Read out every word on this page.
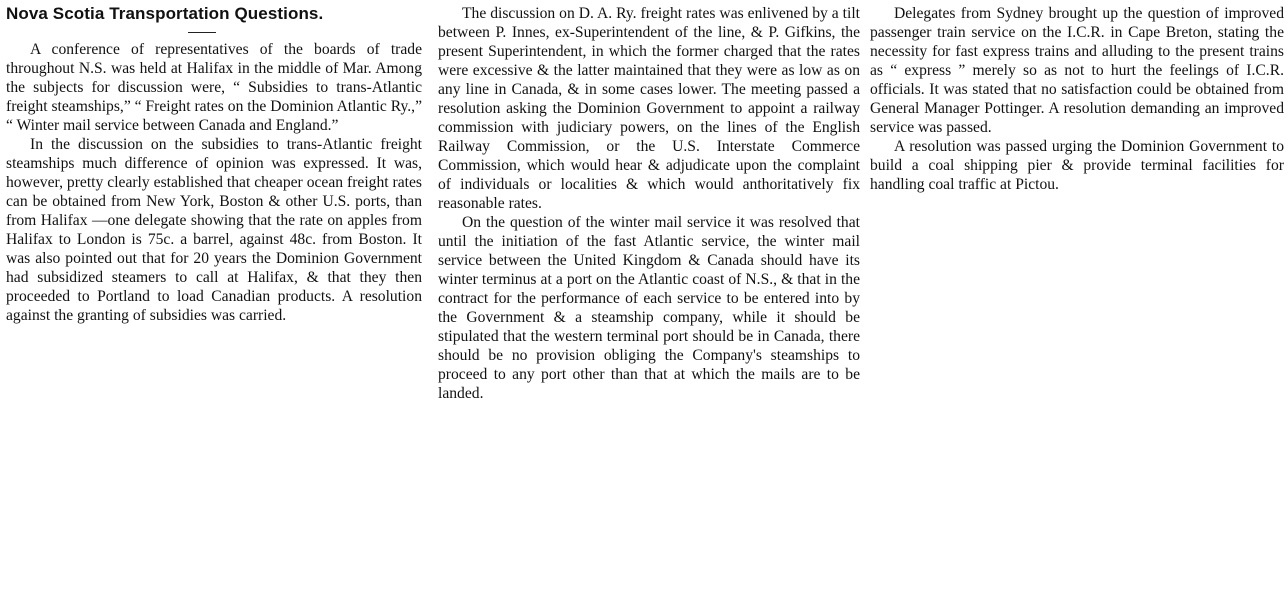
Nova Scotia Transportation Questions.

A conference of representatives of the boards of trade throughout N.S. was held at Halifax in the middle of Mar. Among the subjects for discussion were, “ Subsidies to trans-Atlantic freight steamships,” “ Freight rates on the Dominion Atlantic Ry.,” “ Winter mail service between Canada and England.”

In the discussion on the subsidies to trans-Atlantic freight steamships much difference of opinion was expressed. It was, however, pretty clearly established that cheaper ocean freight rates can be obtained from New York, Boston & other U.S. ports, than from Halifax —one delegate showing that the rate on apples from Halifax to London is 75c. a barrel, against 48c. from Boston. It was also pointed out that for 20 years the Dominion Government had subsidized steamers to call at Halifax, & that they then proceeded to Portland to load Canadian products. A resolution against the granting of subsidies was carried.

The discussion on D. A. Ry. freight rates was enlivened by a tilt between P. Innes, ex-Superintendent of the line, & P. Gifkins, the present Superintendent, in which the former charged that the rates were excessive & the latter maintained that they were as low as on any line in Canada, & in some cases lower. The meeting passed a resolution asking the Dominion Government to appoint a railway commission with judiciary powers, on the lines of the English Railway Commission, or the U.S. Interstate Commerce Commission, which would hear & adjudicate upon the complaint of individuals or localities & which would anthoritatively fix reasonable rates.

On the question of the winter mail service it was resolved that until the initiation of the fast Atlantic service, the winter mail service between the United Kingdom & Canada should have its winter terminus at a port on the Atlantic coast of N.S., & that in the contract for the performance of each service to be entered into by the Government & a steamship company, while it should be stipulated that the western terminal port should be in Canada, there should be no provision obliging the Company's steamships to proceed to any port other than that at which the mails are to be landed.

Delegates from Sydney brought up the question of improved passenger train service on the I.C.R. in Cape Breton, stating the necessity for fast express trains and alluding to the present trains as “ express ” merely so as not to hurt the feelings of I.C.R. officials. It was stated that no satisfaction could be obtained from General Manager Pottinger. A resolution demanding an improved service was passed.

A resolution was passed urging the Dominion Government to build a coal shipping pier & provide terminal facilities for handling coal traffic at Pictou.
